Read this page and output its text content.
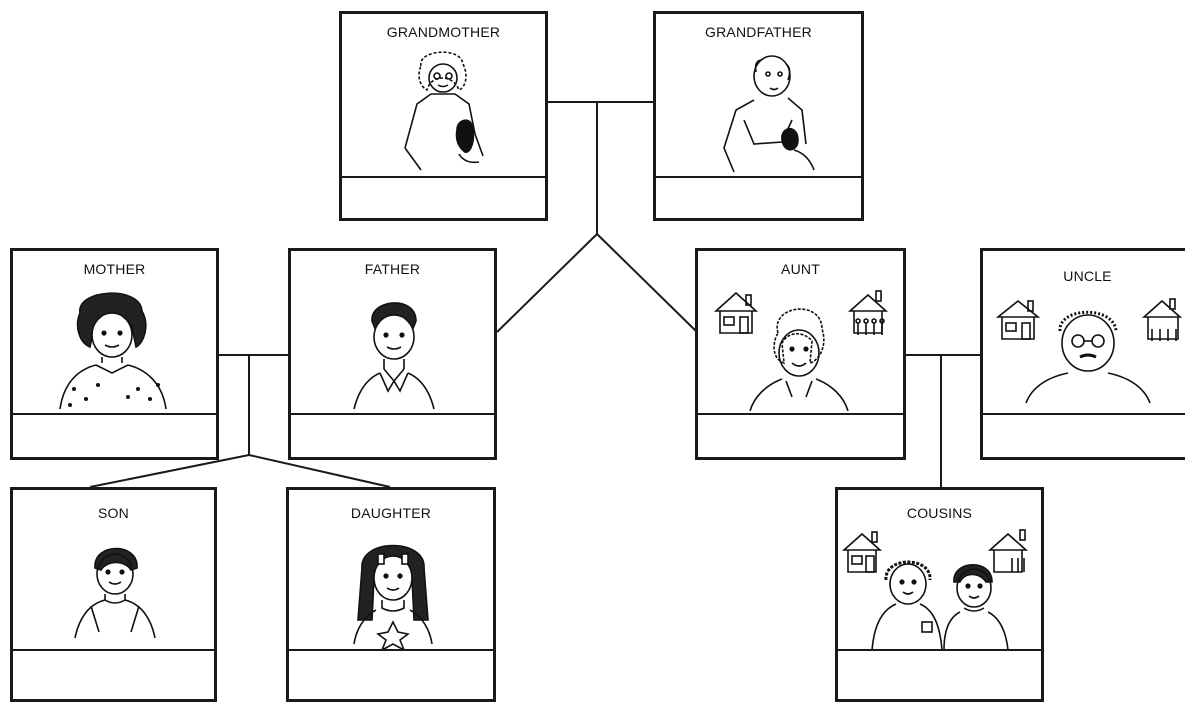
GRANDMOTHER	GRANDFATHER
MOTHER	FATHER	AUNT	UNCLE
SON	DAUGHTER	COUSINS
